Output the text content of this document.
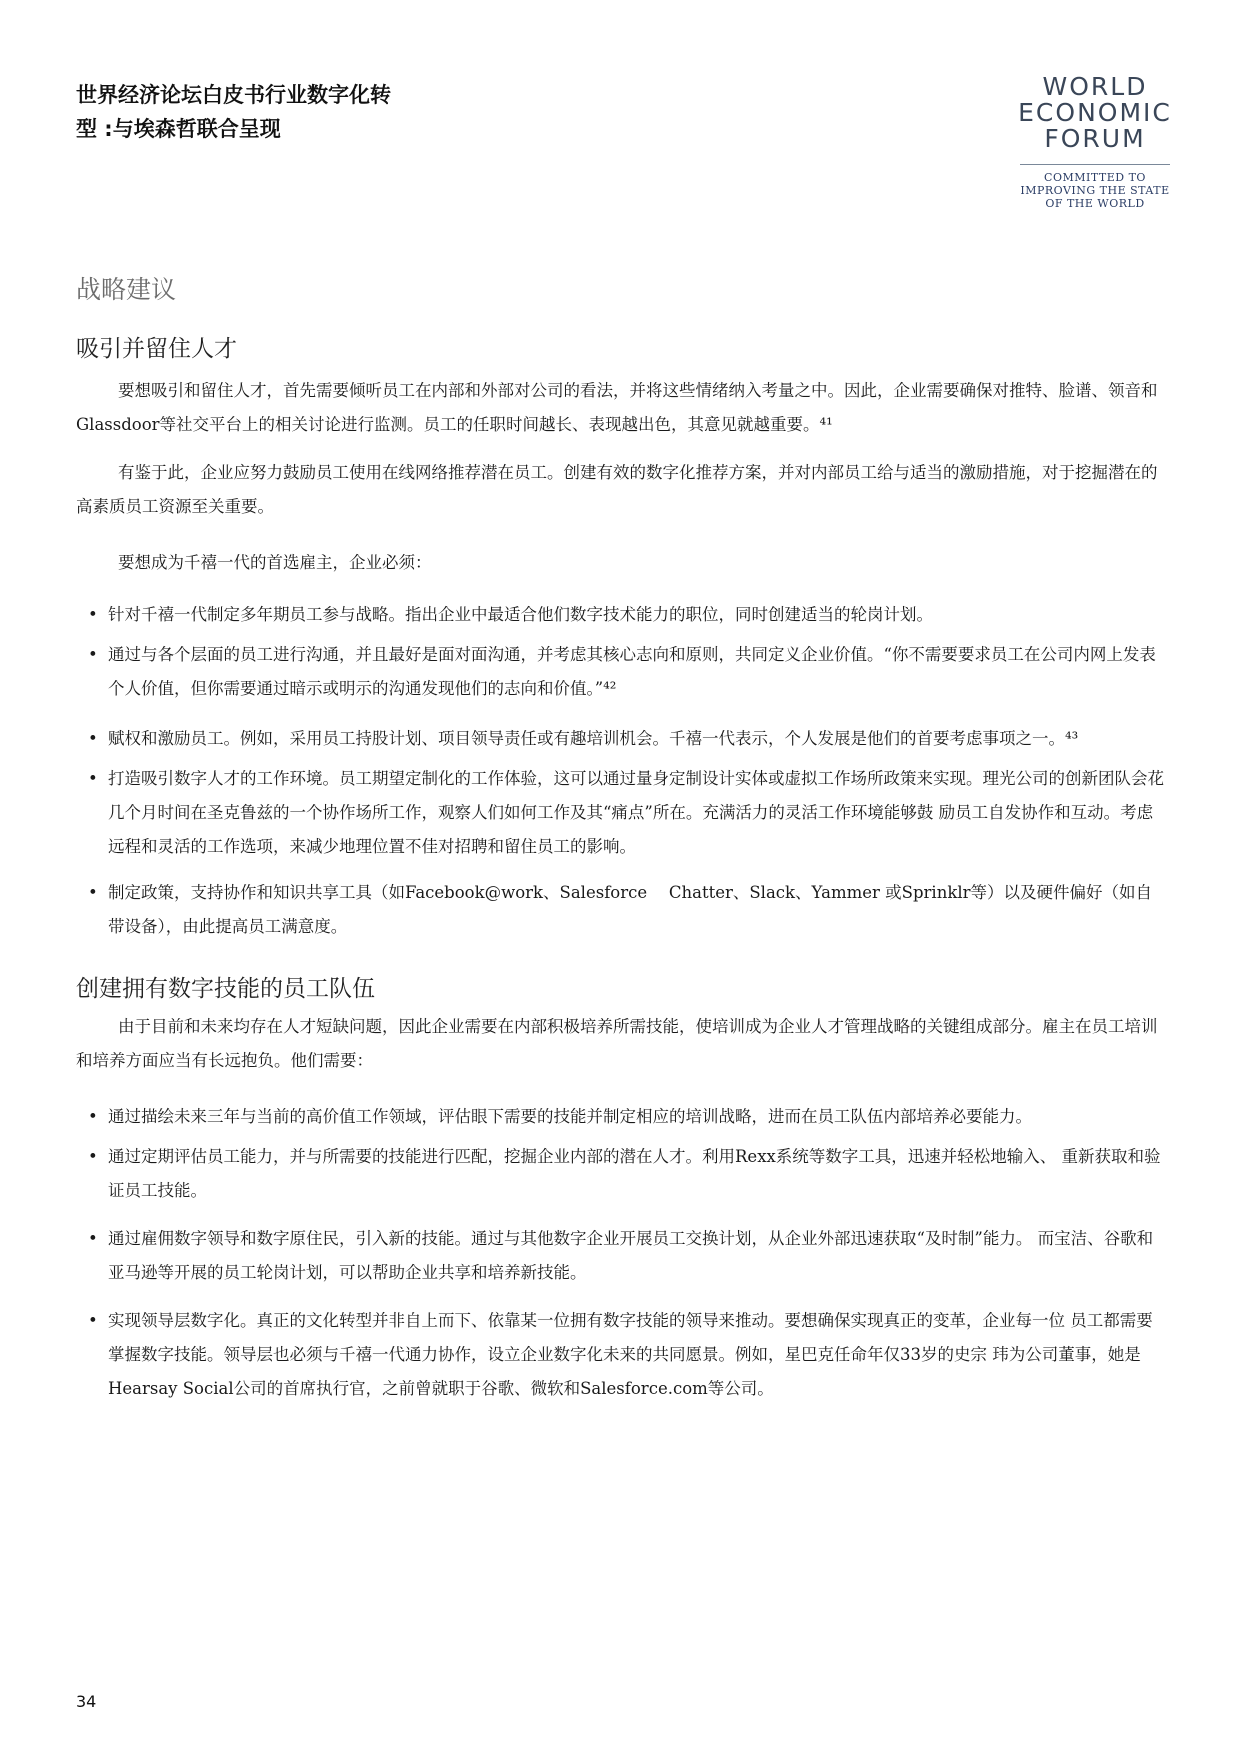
世界经济论坛白皮书行业数字化转
型 :与埃森哲联合呈现
WORLD
ECONOMIC
FORUM
COMMITTED TO
IMPROVING THE STATE
OF THE WORLD
战略建议
吸引并留住人才
要想吸引和留住人才，首先需要倾听员工在内部和外部对公司的看法，并将这些情绪纳入考量之中。因此，企业需要确保对推特、脸谱、领音和Glassdoor等社交平台上的相关讨论进行监测。员工的任职时间越长、表现越出色，其意见就越重要。⁴¹
有鉴于此，企业应努力鼓励员工使用在线网络推荐潜在员工。创建有效的数字化推荐方案，并对内部员工给与适当的激励措施，对于挖掘潜在的高素质员工资源至关重要。
要想成为千禧一代的首选雇主，企业必须：
• 针对千禧一代制定多年期员工参与战略。指出企业中最适合他们数字技术能力的职位，同时创建适当的轮岗计划。
• 通过与各个层面的员工进行沟通，并且最好是面对面沟通，并考虑其核心志向和原则，共同定义企业价值。“你不需要要求员工在公司内网上发表个人价值，但你需要通过暗示或明示的沟通发现他们的志向和价值。”⁴²
• 赋权和激励员工。例如，采用员工持股计划、项目领导责任或有趣培训机会。千禧一代表示，个人发展是他们的首要考虑事项之一。⁴³
• 打造吸引数字人才的工作环境。员工期望定制化的工作体验，这可以通过量身定制设计实体或虚拟工作场所政策来实现。理光公司的创新团队会花几个月时间在圣克鲁兹的一个协作场所工作，观察人们如何工作及其“痛点”所在。充满活力的灵活工作环境能够鼓 励员工自发协作和互动。考虑远程和灵活的工作选项，来减少地理位置不佳对招聘和留住员工的影响。
• 制定政策，支持协作和知识共享工具（如Facebook@work、Salesforce　 Chatter、Slack、Yammer 或Sprinklr等）以及硬件偏好（如自 带设备），由此提高员工满意度。
创建拥有数字技能的员工队伍
由于目前和未来均存在人才短缺问题，因此企业需要在内部积极培养所需技能，使培训成为企业人才管理战略的关键组成部分。雇主在员工培训和培养方面应当有长远抱负。他们需要：
• 通过描绘未来三年与当前的高价值工作领域，评估眼下需要的技能并制定相应的培训战略，进而在员工队伍内部培养必要能力。
• 通过定期评估员工能力，并与所需要的技能进行匹配，挖掘企业内部的潜在人才。利用Rexx系统等数字工具，迅速并轻松地输入、 重新获取和验证员工技能。
• 通过雇佣数字领导和数字原住民，引入新的技能。通过与其他数字企业开展员工交换计划，从企业外部迅速获取“及时制”能力。 而宝洁、谷歌和亚马逊等开展的员工轮岗计划，可以帮助企业共享和培养新技能。
• 实现领导层数字化。真正的文化转型并非自上而下、依靠某一位拥有数字技能的领导来推动。要想确保实现真正的变革，企业每一位 员工都需要掌握数字技能。领导层也必须与千禧一代通力协作，设立企业数字化未来的共同愿景。例如，星巴克任命年仅33岁的史宗 玮为公司董事，她是Hearsay Social公司的首席执行官，之前曾就职于谷歌、微软和Salesforce.com等公司。
34
